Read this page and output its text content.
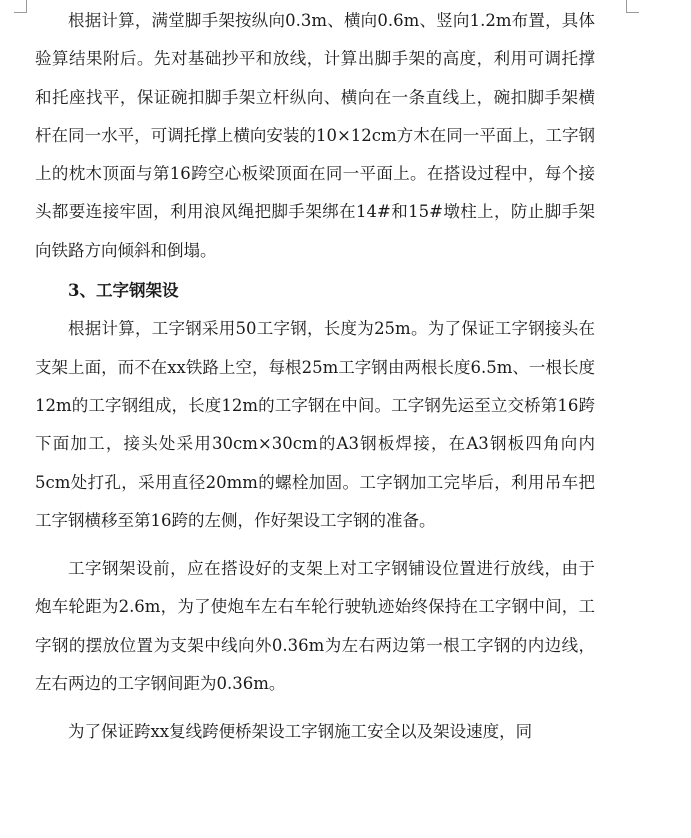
根据计算，满堂脚手架按纵向0.3m、横向0.6m、竖向1.2m布置，具体验算结果附后。先对基础抄平和放线，计算出脚手架的高度，利用可调托撑和托座找平，保证碗扣脚手架立杆纵向、横向在一条直线上，碗扣脚手架横杆在同一水平，可调托撑上横向安装的10×12cm方木在同一平面上，工字钢上的枕木顶面与第16跨空心板梁顶面在同一平面上。在搭设过程中，每个接头都要连接牢固，利用浪风绳把脚手架绑在14#和15#墩柱上，防止脚手架向铁路方向倾斜和倒塌。

3、工字钢架设

根据计算，工字钢采用50工字钢，长度为25m。为了保证工字钢接头在支架上面，而不在xx铁路上空，每根25m工字钢由两根长度6.5m、一根长度12m的工字钢组成，长度12m的工字钢在中间。工字钢先运至立交桥第16跨下面加工，接头处采用30cm×30cm的A3钢板焊接，在A3钢板四角向内5cm处打孔，采用直径20mm的螺栓加固。工字钢加工完毕后，利用吊车把工字钢横移至第16跨的左侧，作好架设工字钢的准备。

工字钢架设前，应在搭设好的支架上对工字钢铺设位置进行放线，由于炮车轮距为2.6m，为了使炮车左右车轮行驶轨迹始终保持在工字钢中间，工字钢的摆放位置为支架中线向外0.36m为左右两边第一根工字钢的内边线，左右两边的工字钢间距为0.36m。

为了保证跨xx复线跨便桥架设工字钢施工安全以及架设速度，同
